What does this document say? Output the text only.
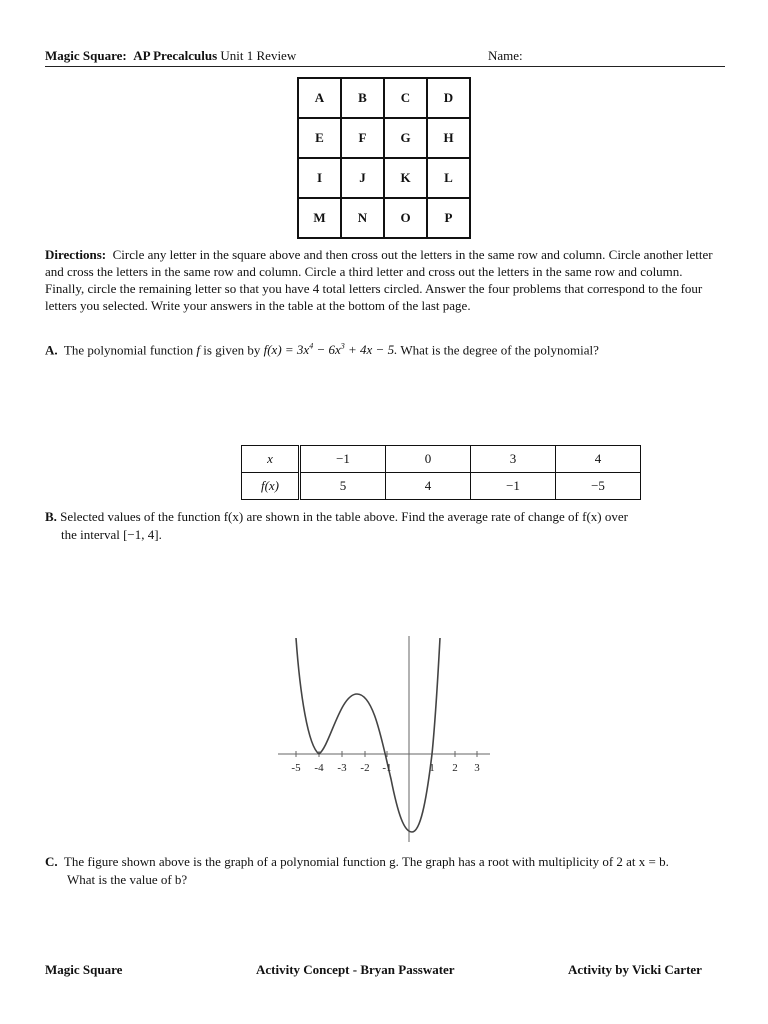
Magic Square: AP Precalculus Unit 1 Review	Name:
A	B	C	D
E	F	G	H
I	J	K	L
M	N	O	P
Directions: Circle any letter in the square above and then cross out the letters in the same row and column. Circle another letter and cross the letters in the same row and column. Circle a third letter and cross out the letters in the same row and column. Finally, circle the remaining letter so that you have 4 total letters circled. Answer the four problems that correspond to the four letters you selected. Write your answers in the table at the bottom of the last page.
A. The polynomial function f is given by $f(x) = 3x^4 - 6x^3 + 4x - 5$. What is the degree of the polynomial?
x	−1	0	3	4
f(x)	5	4	−1	−5
B. Selected values of the function f(x) are shown in the table above. Find the average rate of change of f(x) over
the interval [−1, 4].
-5 -4 -3 -2 -1	1 2 3
C. The figure shown above is the graph of a polynomial function g. The graph has a root with multiplicity of 2 at x = b.
What is the value of b?
Magic Square	Activity Concept - Bryan Passwater	Activity by Vicki Carter
